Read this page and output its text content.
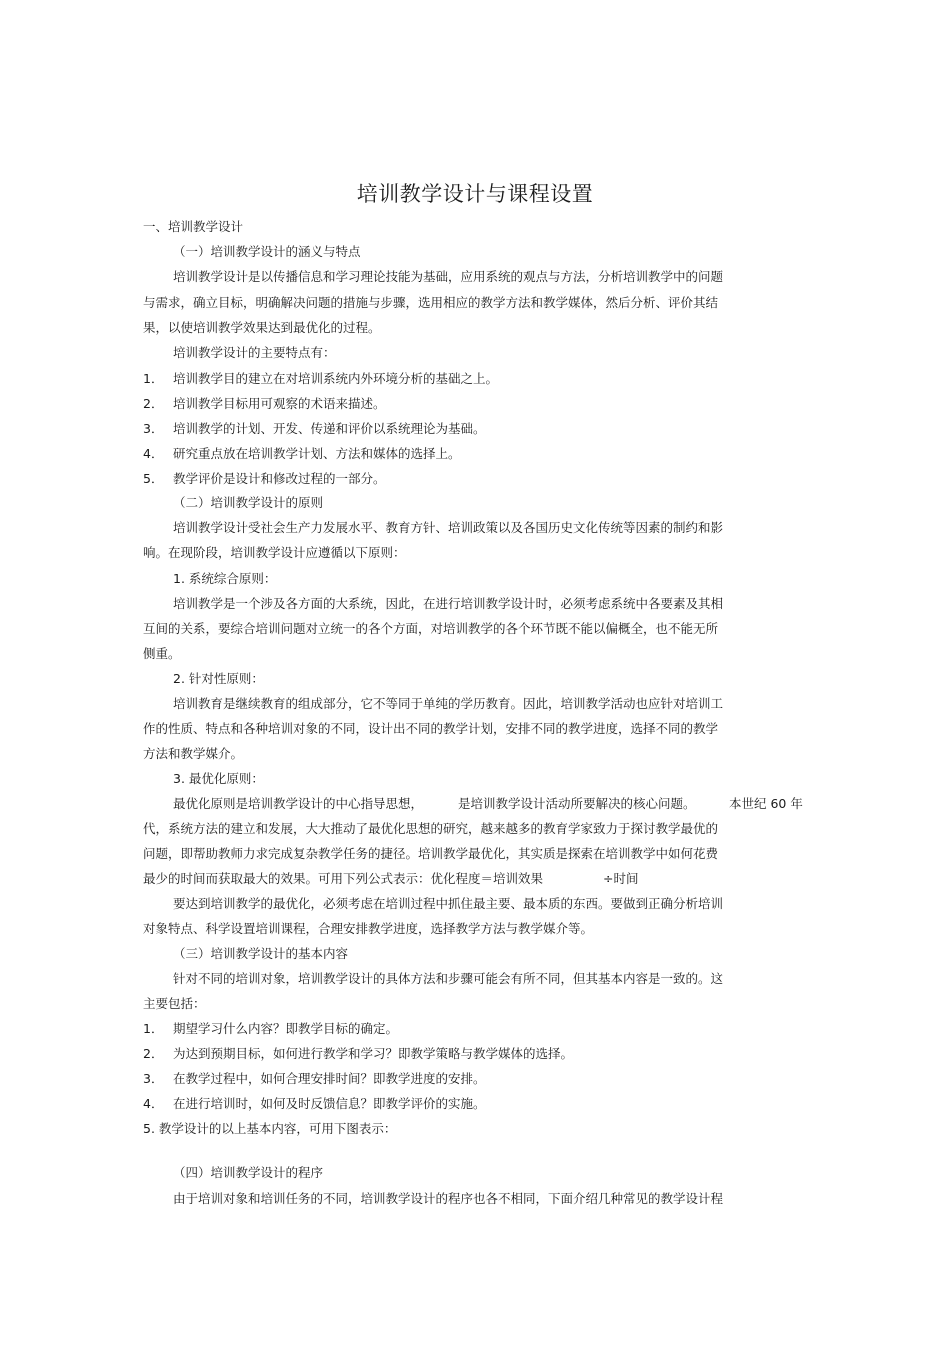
培训教学设计与课程设置
一、培训教学设计
（一）培训教学设计的涵义与特点
培训教学设计是以传播信息和学习理论技能为基础，应用系统的观点与方法，分析培训教学中的问题
与需求，确立目标，明确解决问题的措施与步骤，选用相应的教学方法和教学媒体，然后分析、评价其结
果，以使培训教学效果达到最优化的过程。
培训教学设计的主要特点有：
1． 培训教学目的建立在对培训系统内外环境分析的基础之上。
2． 培训教学目标用可观察的术语来描述。
3． 培训教学的计划、开发、传递和评价以系统理论为基础。
4． 研究重点放在培训教学计划、方法和媒体的选择上。
5． 教学评价是设计和修改过程的一部分。
（二）培训教学设计的原则
培训教学设计受社会生产力发展水平、教育方针、培训政策以及各国历史文化传统等因素的制约和影
响。在现阶段，培训教学设计应遵循以下原则：
1. 系统综合原则：
培训教学是一个涉及各方面的大系统，因此，在进行培训教学设计时，必须考虑系统中各要素及其相
互间的关系，要综合培训问题对立统一的各个方面，对培训教学的各个环节既不能以偏概全，也不能无所
侧重。
2. 针对性原则：
培训教育是继续教育的组成部分，它不等同于单纯的学历教育。因此，培训教学活动也应针对培训工
作的性质、特点和各种培训对象的不同，设计出不同的教学计划，安排不同的教学进度，选择不同的教学
方法和教学媒介。
3. 最优化原则：
最优化原则是培训教学设计的中心指导思想，	是培训教学设计活动所要解决的核心问题。	本世纪 60 年
代，系统方法的建立和发展，大大推动了最优化思想的研究，越来越多的教育学家致力于探讨教学最优的
问题，即帮助教师力求完成复杂教学任务的捷径。培训教学最优化，其实质是探索在培训教学中如何花费
最少的时间而获取最大的效果。可用下列公式表示：优化程度＝培训效果	÷时间
要达到培训教学的最优化，必须考虑在培训过程中抓住最主要、最本质的东西。要做到正确分析培训
对象特点、科学设置培训课程，合理安排教学进度，选择教学方法与教学媒介等。
（三）培训教学设计的基本内容
针对不同的培训对象，培训教学设计的具体方法和步骤可能会有所不同，但其基本内容是一致的。这
主要包括：
1． 期望学习什么内容？即教学目标的确定。
2． 为达到预期目标，如何进行教学和学习？即教学策略与教学媒体的选择。
3． 在教学过程中，如何合理安排时间？即教学进度的安排。
4． 在进行培训时，如何及时反馈信息？即教学评价的实施。
5. 教学设计的以上基本内容，可用下图表示：
（四）培训教学设计的程序
由于培训对象和培训任务的不同，培训教学设计的程序也各不相同，下面介绍几种常见的教学设计程
